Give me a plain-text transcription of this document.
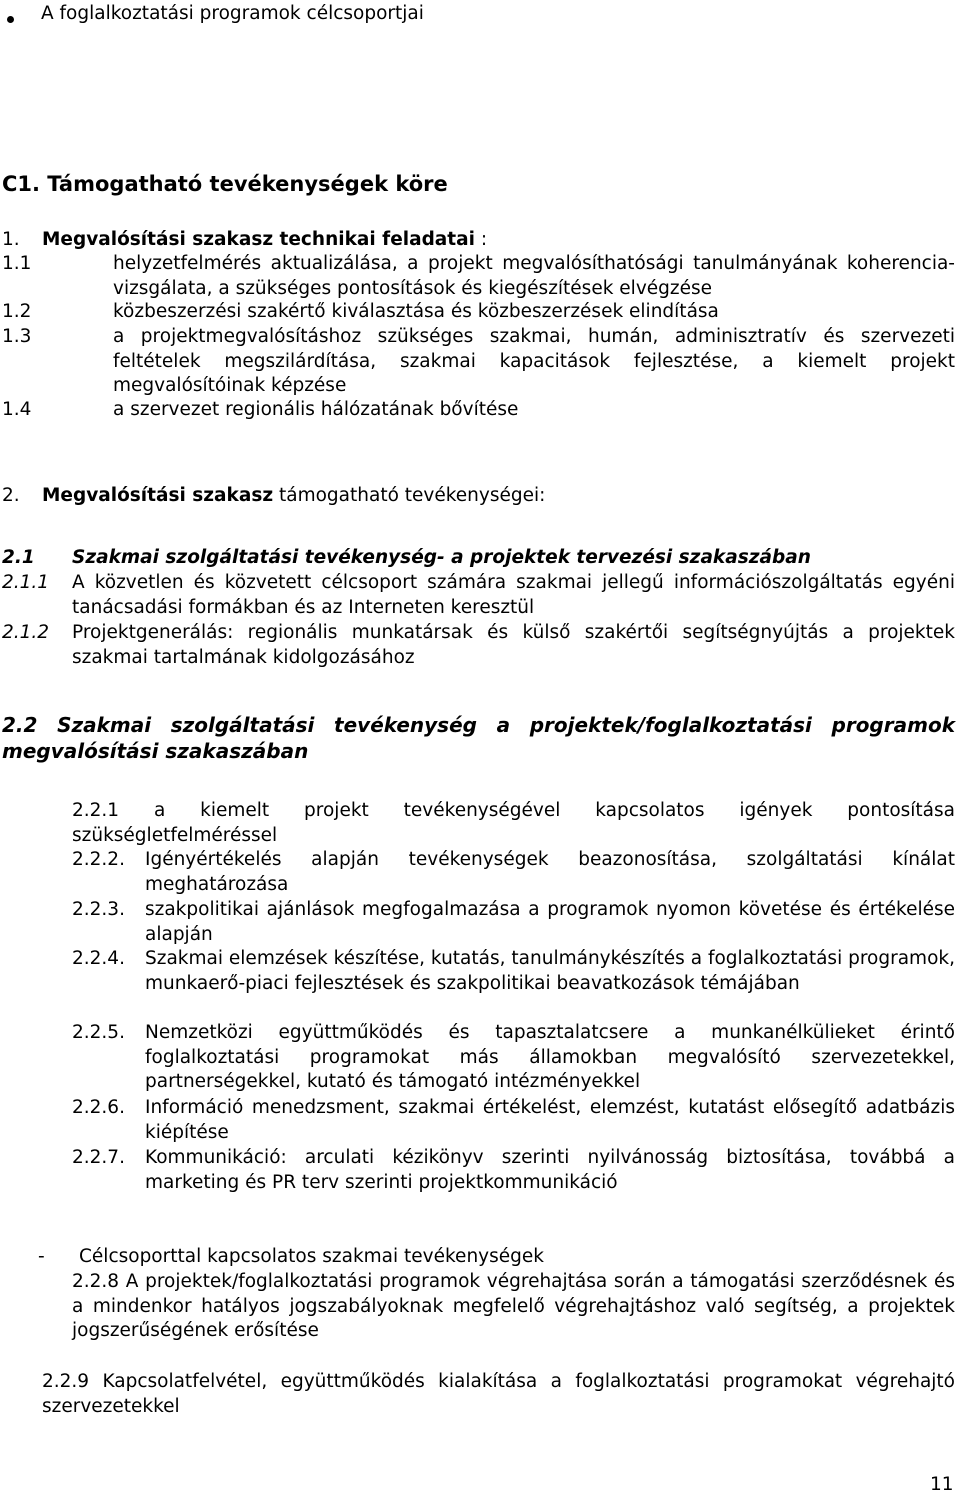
A foglalkoztatási programok célcsoportjai
C1. Támogatható tevékenységek köre
1. Megvalósítási szakasz technikai feladatai :
1.1	helyzetfelmérés aktualizálása, a projekt megvalósíthatósági tanulmányának koherencia-vizsgálata, a szükséges pontosítások és kiegészítések elvégzése
1.2	közbeszerzési szakértő kiválasztása és közbeszerzések elindítása
1.3	a projektmegvalósításhoz szükséges szakmai, humán, adminisztratív és szervezeti feltételek megszilárdítása, szakmai kapacitások fejlesztése, a kiemelt projekt megvalósítóinak képzése
1.4	a szervezet regionális hálózatának bővítése
2. Megvalósítási szakasz támogatható tevékenységei:
2.1 Szakmai szolgáltatási tevékenység- a projektek tervezési szakaszában
2.1.1 A közvetlen és közvetett célcsoport számára szakmai jellegű információszolgáltatás egyéni tanácsadási formákban és az Interneten keresztül
2.1.2 Projektgenerálás: regionális munkatársak és külső szakértői segítségnyújtás a projektek szakmai tartalmának kidolgozásához
2.2 Szakmai szolgáltatási tevékenység a projektek/foglalkoztatási programok megvalósítási szakaszában
2.2.1 a kiemelt projekt tevékenységével kapcsolatos igények pontosítása szükségletfelméréssel
2.2.2. Igényértékelés alapján tevékenységek beazonosítása, szolgáltatási kínálat meghatározása
2.2.3. szakpolitikai ajánlások megfogalmazása a programok nyomon követése és értékelése alapján
2.2.4. Szakmai elemzések készítése, kutatás, tanulmánykészítés a foglalkoztatási programok, munkaerő-piaci fejlesztések és szakpolitikai beavatkozások témájában
2.2.5. Nemzetközi együttműködés és tapasztalatcsere a munkanélkülieket érintő foglalkoztatási programokat más államokban megvalósító szervezetekkel, partnerségekkel, kutató és támogató intézményekkel
2.2.6. Információ menedzsment, szakmai értékelést, elemzést, kutatást elősegítő adatbázis kiépítése
2.2.7. Kommunikáció: arculati kézikönyv szerinti nyilvánosság biztosítása, továbbá a marketing és PR terv szerinti projektkommunikáció
- Célcsoporttal kapcsolatos szakmai tevékenységek
2.2.8 A projektek/foglalkoztatási programok végrehajtása során a támogatási szerződésnek és a mindenkor hatályos jogszabályoknak megfelelő végrehajtáshoz való segítség, a projektek jogszerűségének erősítése
2.2.9 Kapcsolatfelvétel, együttműködés kialakítása a foglalkoztatási programokat végrehajtó szervezetekkel
11
